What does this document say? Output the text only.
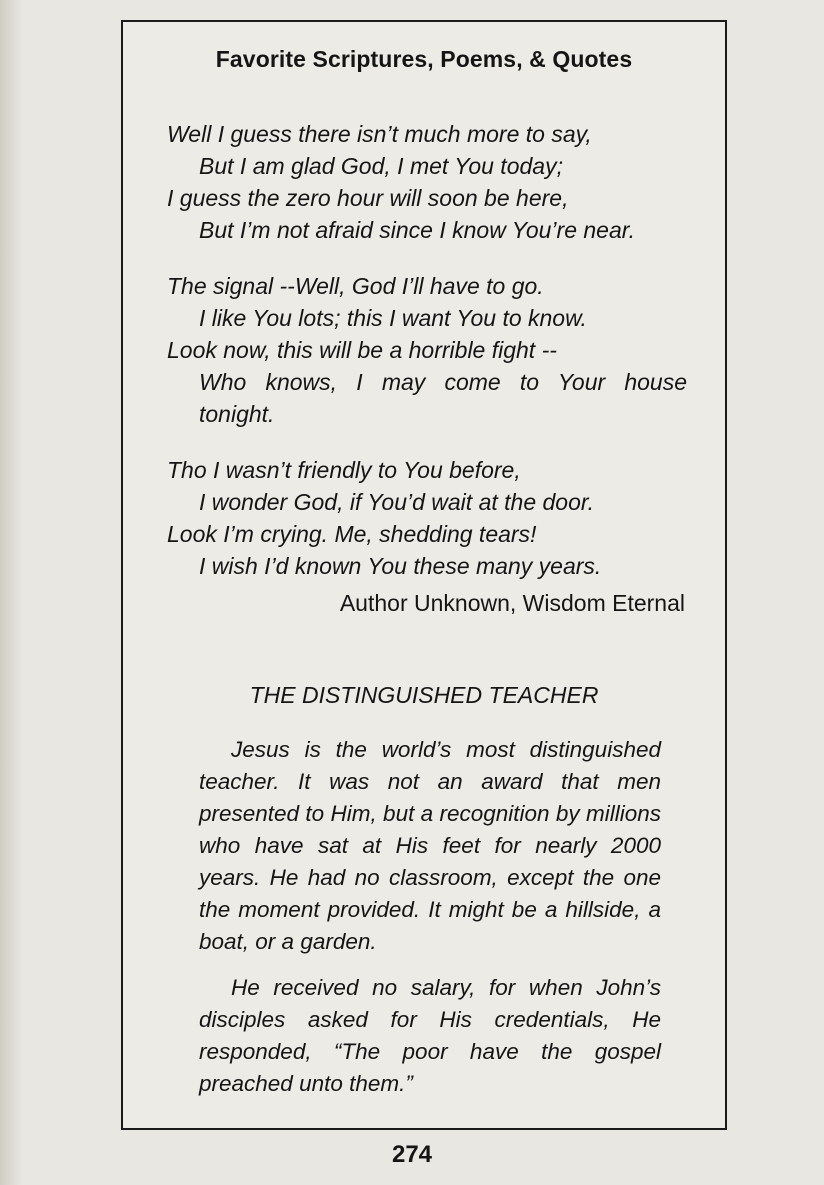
Favorite Scriptures, Poems, & Quotes
Well I guess there isn’t much more to say,
But I am glad God, I met You today;
I guess the zero hour will soon be here,
But I’m not afraid since I know You’re near.
The signal --Well, God I’ll have to go.
I like You lots; this I want You to know.
Look now, this will be a horrible fight --
Who knows, I may come to Your house
tonight.
Tho I wasn’t friendly to You before,
I wonder God, if You’d wait at the door.
Look I’m crying. Me, shedding tears!
I wish I’d known You these many years.
Author Unknown, Wisdom Eternal
THE DISTINGUISHED TEACHER

Jesus is the world’s most distinguished teacher. It was not an award that men presented to Him, but a recognition by millions who have sat at His feet for nearly 2000 years. He had no classroom, except the one the moment provided. It might be a hillside, a boat, or a garden.

He received no salary, for when John’s disciples asked for His credentials, He responded, “The poor have the gospel preached unto them.”

274
